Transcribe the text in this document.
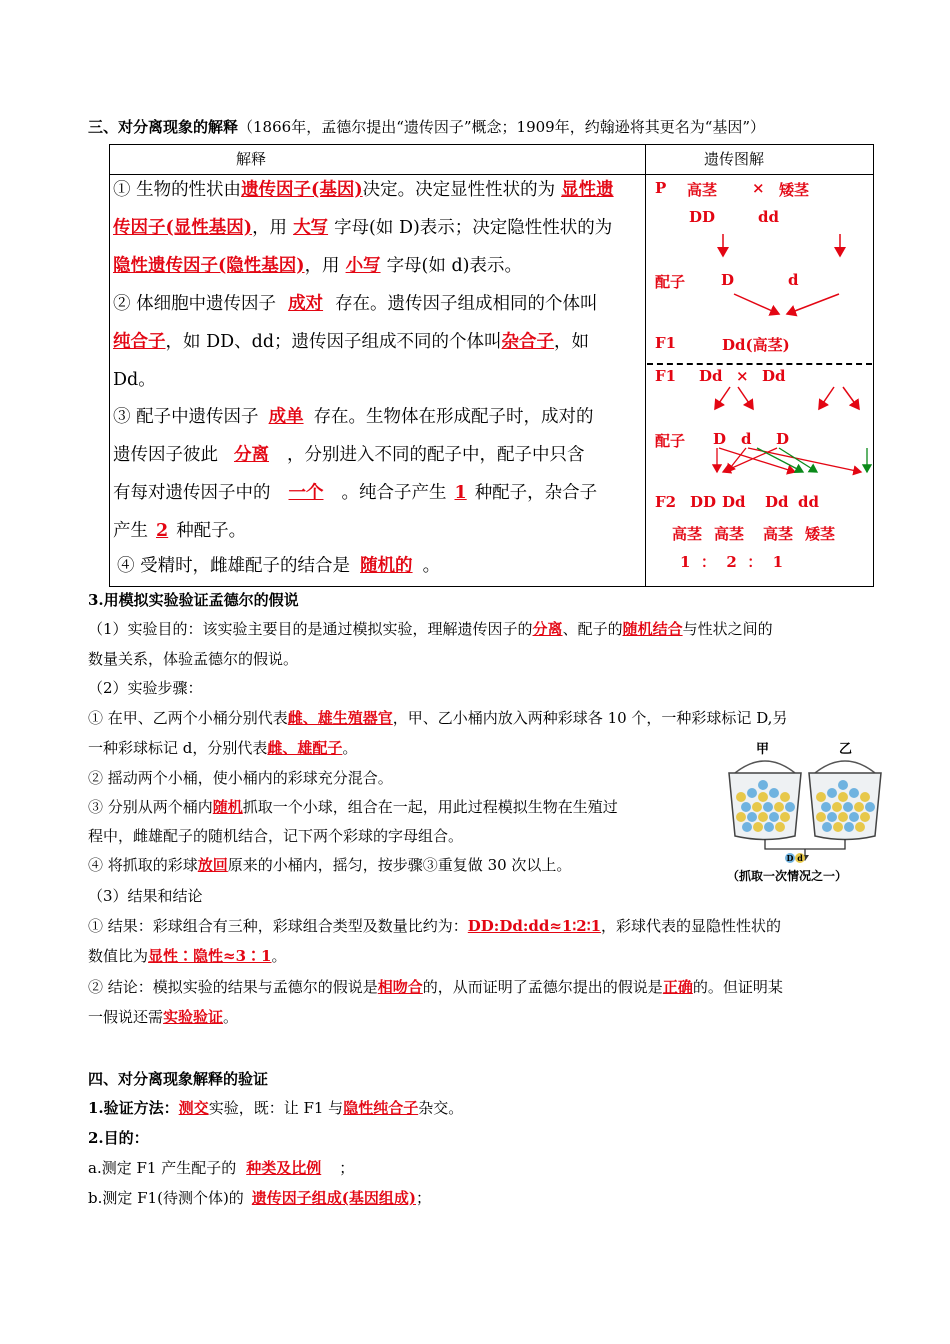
三、对分离现象的解释（1866年，孟德尔提出“遗传因子”概念；1909年，约翰逊将其更名为“基因”）
解释	遗传图解
① 生物的性状由遗传因子(基因)决定。决定显性性状的为 显性遗
传因子(显性基因)，用 大写 字母(如 D)表示；决定隐性性状的为
隐性遗传因子(隐性基因)，用 小写 字母(如 d)表示。
② 体细胞中遗传因子 成对 存在。遗传因子组成相同的个体叫
纯合子，如 DD、dd；遗传因子组成不同的个体叫杂合子，如
Dd。
③ 配子中遗传因子 成单 存在。生物体在形成配子时，成对的
遗传因子彼此 分离 ，分别进入不同的配子中，配子中只含
有每对遗传因子中的 一个 。纯合子产生 1 种配子，杂合子
产生 2 种配子。
④ 受精时，雌雄配子的结合是 随机的 。
P 高茎 × 矮茎
DD	dd
配子 D	d
F1	Dd(高茎)
F1 Dd × Dd
配子 D d D
F2 DD Dd Dd dd
高茎 高茎 高茎 矮茎
1  ：  2  ：  1
3.用模拟实验验证孟德尔的假说
（1）实验目的：该实验主要目的是通过模拟实验，理解遗传因子的分离、配子的随机结合与性状之间的
数量关系，体验孟德尔的假说。
（2）实验步骤：
① 在甲、乙两个小桶分别代表雌、雄生殖器官，甲、乙小桶内放入两种彩球各 10 个，一种彩球标记 D,另
一种彩球标记 d，分别代表雌、雄配子。
② 摇动两个小桶，使小桶内的彩球充分混合。
③ 分别从两个桶内随机抓取一个小球，组合在一起，用此过程模拟生物在生殖过
程中，雌雄配子的随机结合，记下两个彩球的字母组合。
④ 将抓取的彩球放回原来的小桶内，摇匀，按步骤③重复做 30 次以上。
（3）结果和结论
① 结果：彩球组合有三种，彩球组合类型及数量比约为：DD:Dd:dd≈1∶2∶1，彩球代表的显隐性性状的
数值比为显性∶隐性≈3∶1。
② 结论：模拟实验的结果与孟德尔的假说是相吻合的，从而证明了孟德尔提出的假说是正确的。但证明某
一假说还需实验验证。
甲	乙
D d
（抓取一次情况之一）
四、对分离现象解释的验证
1.验证方法：测交实验，既：让 F1 与隐性纯合子杂交。
2.目的：
a.测定 F1 产生配子的 种类及比例 ；
b.测定 F1(待测个体)的 遗传因子组成(基因组成)；
